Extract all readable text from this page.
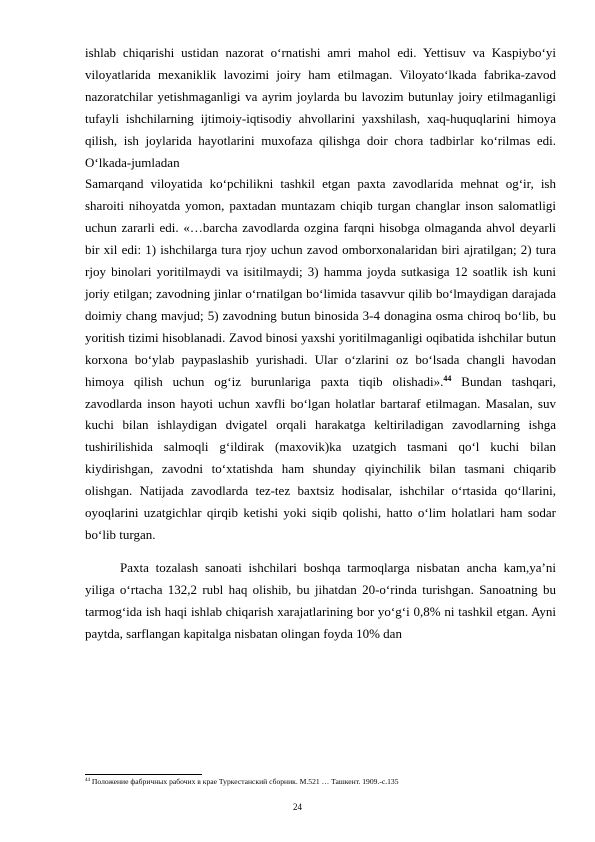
ishlab chiqarishi ustidan nazorat o‘rnatishi amri mahol edi. Yettisuv va Kaspiybo‘yi viloyatlarida mexaniklik lavozimi joiry ham etilmagan. Viloyato‘lkada fabrika-zavod nazoratchilar yetishmaganligi va ayrim joylarda bu lavozim butunlay joiry etilmaganligi tufayli ishchilarning ijtimoiy-iqtisodiy ahvollarini yaxshilash, xaq-huquqlarini himoya qilish, ish joylarida hayotlarini muxofaza qilishga doir chora tadbirlar ko‘rilmas edi. O‘lkada-jumladan

Samarqand viloyatida ko‘pchilikni tashkil etgan paxta zavodlarida mehnat og‘ir, ish sharoiti nihoyatda yomon, paxtadan muntazam chiqib turgan changlar inson salomatligi uchun zararli edi. «…barcha zavodlarda ozgina farqni hisobga olmaganda ahvol deyarli bir xil edi: 1) ishchilarga tura rjoy uchun zavod omborxonalaridan biri ajratilgan; 2) tura rjoy binolari yoritilmaydi va isitilmaydi; 3) hamma joyda sutkasiga 12 soatlik ish kuni joriy etilgan; zavodning jinlar o‘rnatilgan bo‘limida tasavvur qilib bo‘lmaydigan darajada doimiy chang mavjud; 5) zavodning butun binosida 3-4 donagina osma chiroq bo‘lib, bu yoritish tizimi hisoblanadi. Zavod binosi yaxshi yoritilmaganligi oqibatida ishchilar butun korxona bo‘ylab paypaslashib yurishadi. Ular o‘zlarini oz bo‘lsada changli havodan himoya qilish uchun og‘iz burunlariga paxta tiqib olishadi».$^{44}$ Bundan tashqari, zavodlarda inson hayoti uchun xavfli bo‘lgan holatlar bartaraf etilmagan. Masalan, suv kuchi bilan ishlaydigan dvigatel orqali harakatga keltiriladigan zavodlarning ishga tushirilishida salmoqli g‘ildirak (maxovik)ka uzatgich tasmani qo‘l kuchi bilan kiydirishgan, zavodni to‘xtatishda ham shunday qiyinchilik bilan tasmani chiqarib olishgan. Natijada zavodlarda tez-tez baxtsiz hodisalar, ishchilar o‘rtasida qo‘llarini, oyoqlarini uzatgichlar qirqib ketishi yoki siqib qolishi, hatto o‘lim holatlari ham sodar bo‘lib turgan.

Paxta tozalash sanoati ishchilari boshqa tarmoqlarga nisbatan ancha kam,ya’ni yiliga o‘rtacha 132,2 rubl haq olishib, bu jihatdan 20-o‘rinda turishgan. Sanoatning bu tarmog‘ida ish haqi ishlab chiqarish xarajatlarining bor yo‘g‘i 0,8% ni tashkil etgan. Ayni paytda, sarflangan kapitalga nisbatan olingan foyda 10% dan

$^{44}$ Положение фабричных рабочих в крае Туркестанский сборник. М.521 … Ташкент. 1909.-с.135
24
